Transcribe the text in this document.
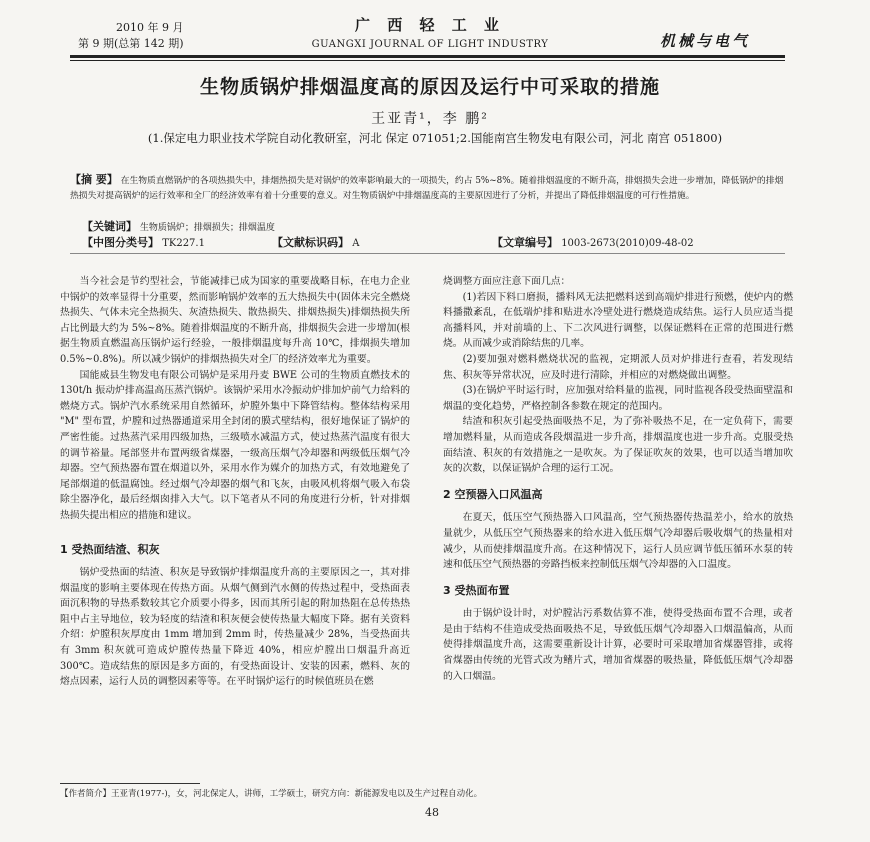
2010 年 9 月
第 9 期(总第 142 期)
广 西 轻 工 业
GUANGXI JOURNAL OF LIGHT INDUSTRY	机械与电气
生物质锅炉排烟温度高的原因及运行中可采取的措施
王亚青¹，李 鹏²
(1.保定电力职业技术学院自动化教研室，河北 保定 071051;2.国能南宫生物发电有限公司，河北 南宫 051800)
【摘 要】 在生物质直燃锅炉的各项热损失中，排烟热损失是对锅炉的效率影响最大的一项损失，约占 5%~8%。随着排烟温度的不断升高，排烟损失会进一步增加，降低锅炉的排烟热损失对提高锅炉的运行效率和全厂的经济效率有着十分重要的意义。对生物质锅炉中排烟温度高的主要原因进行了分析，并提出了降低排烟温度的可行性措施。
【关键词】 生物质锅炉；排烟损失；排烟温度
【中图分类号】 TK227.1	【文献标识码】 A	【文章编号】 1003-2673(2010)09-48-02

当今社会是节约型社会，节能减排已成为国家的重要战略目标，在电力企业中锅炉的效率显得十分重要，然而影响锅炉效率的五大热损失中(固体未完全燃烧热损失、气体未完全热损失、灰渣热损失、散热损失、排烟热损失)排烟热损失所占比例最大约为 5%~8%。随着排烟温度的不断升高，排烟损失会进一步增加(根据生物质直燃温高压锅炉运行经验，一般排烟温度每升高 10℃，排烟损失增加 0.5%~0.8%)。所以减少锅炉的排烟热损失对全厂的经济效率尤为重要。

国能威县生物发电有限公司锅炉是采用丹麦 BWE 公司的生物质直燃技术的 130t/h 振动炉排高温高压蒸汽锅炉。该锅炉采用水冷振动炉排加炉前气力给料的燃烧方式。锅炉汽水系统采用自然循环，炉膛外集中下降管结构。整体结构采用 "M" 型布置，炉膛和过热器通道采用全封闭的膜式壁结构，很好地保证了锅炉的严密性能。过热蒸汽采用四级加热，三级喷水减温方式，使过热蒸汽温度有很大的调节裕量。尾部竖井布置两级省煤器，一级高压烟气冷却器和两级低压烟气冷却器。空气预热器布置在烟道以外，采用水作为媒介的加热方式，有效地避免了尾部烟道的低温腐蚀。经过烟气冷却器的烟气和飞灰，由吸风机将烟气吸入布袋除尘器净化，最后经烟囱排入大气。以下笔者从不同的角度进行分析，针对排烟热损失提出相应的措施和建议。

1 受热面结渣、积灰

锅炉受热面的结渣、积灰是导致锅炉排烟温度升高的主要原因之一，其对排烟温度的影响主要体现在传热方面。从烟气侧到汽水侧的传热过程中，受热面表面沉积物的导热系数较其它介质要小得多，因而其所引起的附加热阻在总传热热阻中占主导地位，较为轻度的结渣和积灰便会使传热量大幅度下降。据有关资料介绍：炉膛积灰厚度由 1mm 增加到 2mm 时，传热量减少 28%，当受热面共有 3mm 积灰就可造成炉膛传热量下降近 40%，相应炉膛出口烟温升高近 300℃。造成结焦的原因是多方面的，有受热面设计、安装的因素，燃料、灰的熔点因素，运行人员的调整因素等等。在平时锅炉运行的时候值班员在燃

烧调整方面应注意下面几点：

(1)若因下料口磨损，播料风无法把燃料送到高端炉排进行预燃，使炉内的燃料播撒紊乱，在低端炉排和贴进水冷壁处进行燃烧造成结焦。运行人员应适当提高播料风，并对前墙的上、下二次风进行调整，以保证燃料在正常的范围进行燃烧。从而减少或消除结焦的几率。

(2)要加强对燃料燃烧状况的监视，定期派人员对炉排进行查看，若发现结焦、积灰等异常状况，应及时进行清除，并相应的对燃烧做出调整。

(3)在锅炉平时运行时，应加强对给料量的监视，同时监视各段受热面壁温和烟温的变化趋势，严格控制各参数在规定的范围内。

结渣和积灰引起受热面吸热不足，为了弥补吸热不足，在一定负荷下，需要增加燃料量，从而造成各段烟温进一步升高，排烟温度也进一步升高。克服受热面结渣、积灰的有效措施之一是吹灰。为了保证吹灰的效果，也可以适当增加吹灰的次数，以保证锅炉合理的运行工况。

2 空预器入口风温高

在夏天，低压空气预热器入口风温高，空气预热器传热温差小，给水的放热量就少，从低压空气预热器来的给水进入低压烟气冷却器后吸收烟气的热量相对减少，从而使排烟温度升高。在这种情况下，运行人员应调节低压循环水泵的转速和低压空气预热器的旁路挡板来控制低压烟气冷却器的入口温度。

3 受热面布置

由于锅炉设计时，对炉膛沾污系数估算不准，使得受热面布置不合理，或者是由于结构不佳造成受热面吸热不足，导致低压烟气冷却器入口烟温偏高，从而使得排烟温度升高，这需要重新设计计算，必要时可采取增加省煤器管排，或将省煤器由传统的光管式改为鳍片式，增加省煤器的吸热量，降低低压烟气冷却器的入口烟温。

【作者简介】王亚青(1977-)，女，河北保定人，讲师，工学硕士，研究方向：新能源发电以及生产过程自动化。
48
